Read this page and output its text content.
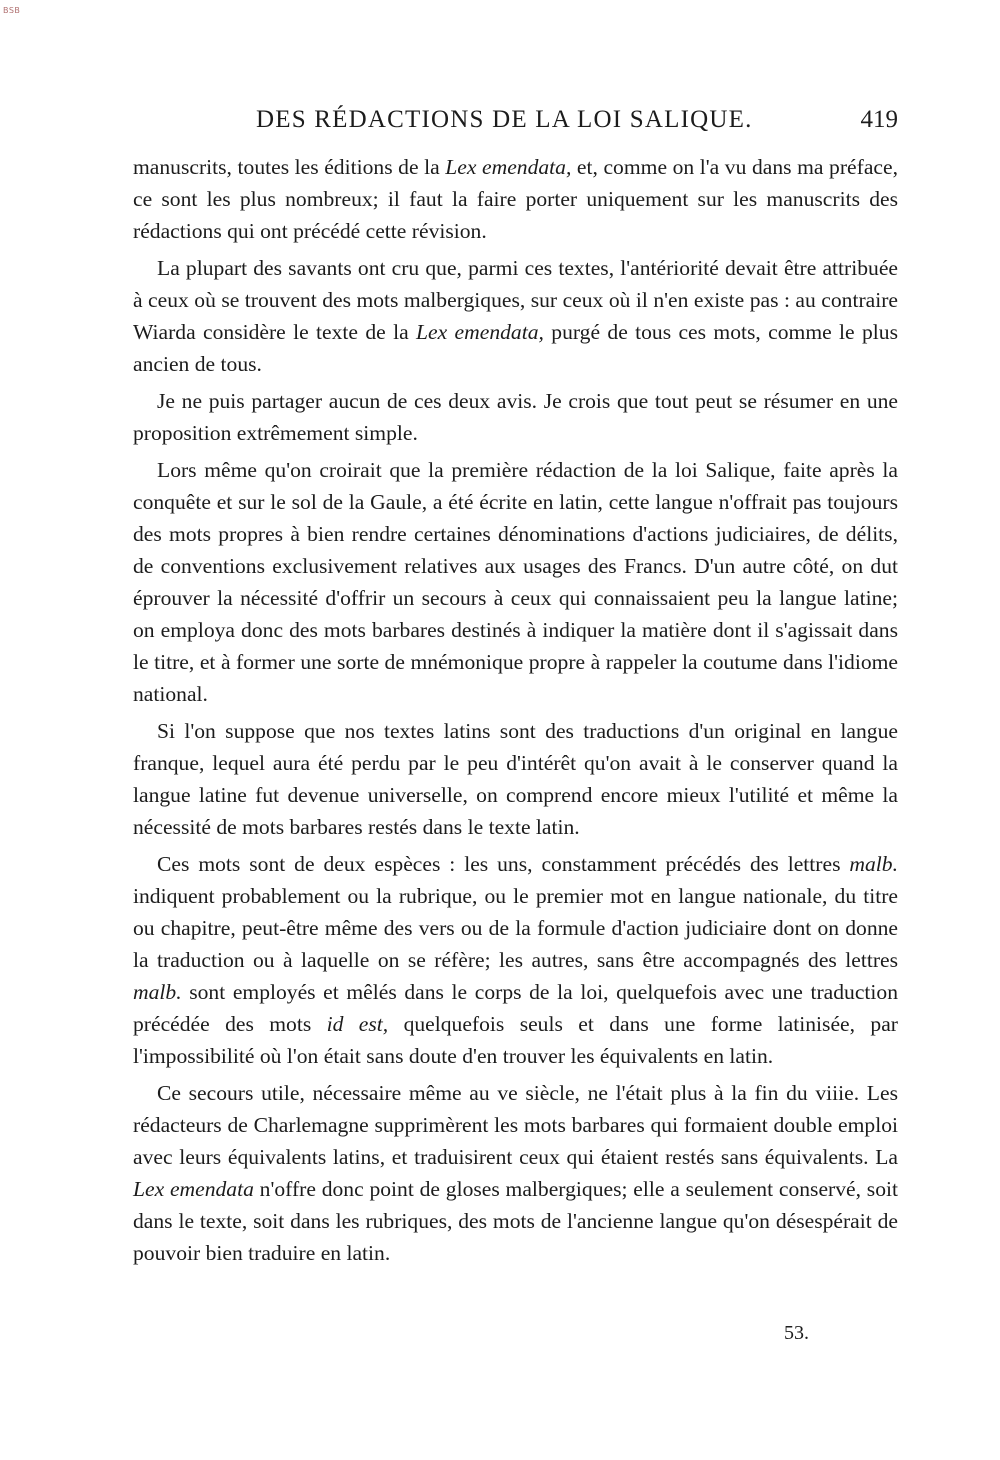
BSB
DES RÉDACTIONS DE LA LOI SALIQUE.	419

manuscrits, toutes les éditions de la Lex emendata, et, comme on l'a vu dans ma préface, ce sont les plus nombreux; il faut la faire porter uniquement sur les manuscrits des rédactions qui ont précédé cette révision.

La plupart des savants ont cru que, parmi ces textes, l'antériorité devait être attribuée à ceux où se trouvent des mots malbergiques, sur ceux où il n'en existe pas : au contraire Wiarda considère le texte de la Lex emendata, purgé de tous ces mots, comme le plus ancien de tous.

Je ne puis partager aucun de ces deux avis. Je crois que tout peut se résumer en une proposition extrêmement simple.

Lors même qu'on croirait que la première rédaction de la loi Salique, faite après la conquête et sur le sol de la Gaule, a été écrite en latin, cette langue n'offrait pas toujours des mots propres à bien rendre certaines dénominations d'actions judiciaires, de délits, de conventions exclusivement relatives aux usages des Francs. D'un autre côté, on dut éprouver la nécessité d'offrir un secours à ceux qui connaissaient peu la langue latine; on employa donc des mots barbares destinés à indiquer la matière dont il s'agissait dans le titre, et à former une sorte de mnémonique propre à rappeler la coutume dans l'idiome national.

Si l'on suppose que nos textes latins sont des traductions d'un original en langue franque, lequel aura été perdu par le peu d'intérêt qu'on avait à le conserver quand la langue latine fut devenue universelle, on comprend encore mieux l'utilité et même la nécessité de mots barbares restés dans le texte latin.

Ces mots sont de deux espèces : les uns, constamment précédés des lettres malb. indiquent probablement ou la rubrique, ou le premier mot en langue nationale, du titre ou chapitre, peut-être même des vers ou de la formule d'action judiciaire dont on donne la traduction ou à laquelle on se réfère; les autres, sans être accompagnés des lettres malb. sont employés et mêlés dans le corps de la loi, quelquefois avec une traduction précédée des mots id est, quelquefois seuls et dans une forme latinisée, par l'impossibilité où l'on était sans doute d'en trouver les équivalents en latin.

Ce secours utile, nécessaire même au ve siècle, ne l'était plus à la fin du viiie. Les rédacteurs de Charlemagne supprimèrent les mots barbares qui formaient double emploi avec leurs équivalents latins, et traduisirent ceux qui étaient restés sans équivalents. La Lex emendata n'offre donc point de gloses malbergiques; elle a seulement conservé, soit dans le texte, soit dans les rubriques, des mots de l'ancienne langue qu'on désespérait de pouvoir bien traduire en latin.

53.
